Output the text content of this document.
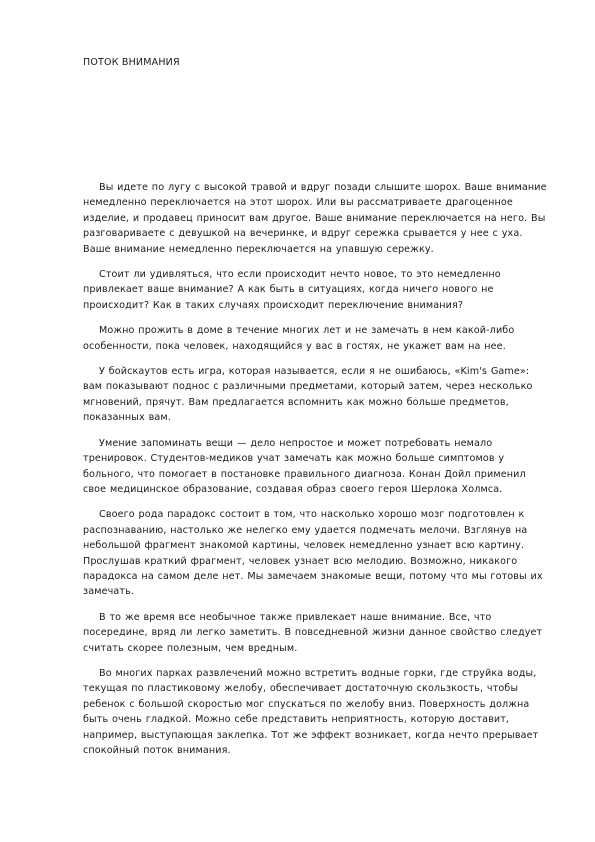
ПОТОК ВНИМАНИЯ

Вы идете по лугу с высокой травой и вдруг позади слышите шорох. Ваше внимание немедленно переключается на этот шорох. Или вы рассматриваете драгоценное изделие, и продавец приносит вам другое. Ваше внимание переключается на него. Вы разговариваете с девушкой на вечеринке, и вдруг сережка срывается у нее с уха. Ваше внимание немедленно переключается на упавшую сережку.

Стоит ли удивляться, что если происходит нечто новое, то это немедленно привлекает ваше внимание? А как быть в ситуациях, когда ничего нового не происходит? Как в таких случаях происходит переключение внимания?

Можно прожить в доме в течение многих лет и не замечать в нем какой-либо особенности, пока человек, находящийся у вас в гостях, не укажет вам на нее.

У бойскаутов есть игра, которая называется, если я не ошибаюсь, «Kim's Game»: вам показывают поднос с различными предметами, который затем, через несколько мгновений, прячут. Вам предлагается вспомнить как можно больше предметов, показанных вам.

Умение запоминать вещи — дело непростое и может потребовать немало тренировок. Студентов-медиков учат замечать как можно больше симптомов у больного, что помогает в постановке правильного диагноза. Конан Дойл применил свое медицинское образование, создавая образ своего героя Шерлока Холмса.

Своего рода парадокс состоит в том, что насколько хорошо мозг подготовлен к распознаванию, настолько же нелегко ему удается подмечать мелочи. Взглянув на небольшой фрагмент знакомой картины, человек немедленно узнает всю картину. Прослушав краткий фрагмент, человек узнает всю мелодию. Возможно, никакого парадокса на самом деле нет. Мы замечаем знакомые вещи, потому что мы готовы их замечать.

В то же время все необычное также привлекает наше внимание. Все, что посередине, вряд ли легко заметить. В повседневной жизни данное свойство следует считать скорее полезным, чем вредным.

Во многих парках развлечений можно встретить водные горки, где струйка воды, текущая по пластиковому желобу, обеспечивает достаточную скользкость, чтобы ребенок с большой скоростью мог спускаться по желобу вниз. Поверхность должна быть очень гладкой. Можно себе представить неприятность, которую доставит, например, выступающая заклепка. Тот же эффект возникает, когда нечто прерывает спокойный поток внимания.
